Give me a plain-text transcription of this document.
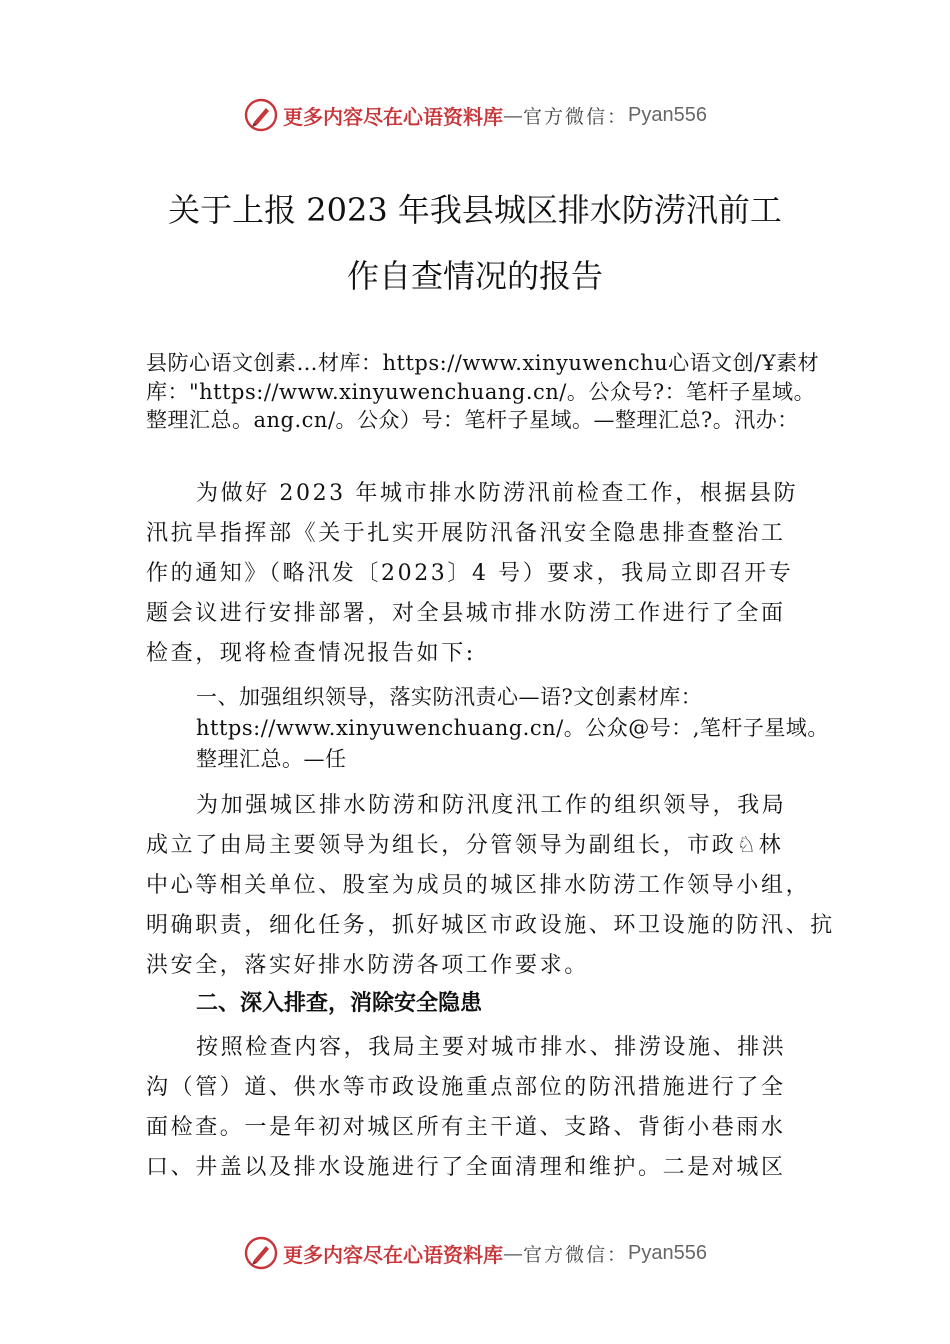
更多内容尽在心语资料库 — 官方微信： Pyan556
关于上报 2023 年我县城区排水防涝汛前工
作自查情况的报告
县防心语文创素…材库：https://www.xinyuwenchu心语文创/Ұ素材库："https://www.xinyuwenchuang.cn/。公众号?：笔杆子星域。整理汇总。ang.cn/。公众）号：笔杆子星域。—整理汇总?。汛办：
为做好 2023 年城市排水防涝汛前检查工作，根据县防
汛抗旱指挥部《关于扎实开展防汛备汛安全隐患排查整治工
作的通知》（略汛发〔2023〕4 号）要求，我局立即召开专
题会议进行安排部署，对全县城市排水防涝工作进行了全面
检查，现将检查情况报告如下:
一、加强组织领导，落实防汛责心—语?文创素材库：https://www.xinyuwenchuang.cn/。公众@号：,笔杆子星域。整理汇总。—任
为加强城区排水防涝和防汛度汛工作的组织领导，我局
成立了由局主要领导为组长，分管领导为副组长，市政♘林
中心等相关单位、股室为成员的城区排水防涝工作领导小组，
明确职责，细化任务，抓好城区市政设施、环卫设施的防汛、抗
洪安全，落实好排水防涝各项工作要求。
二、深入排查，消除安全隐患
按照检查内容，我局主要对城市排水、排涝设施、排洪
沟（管）道、供水等市政设施重点部位的防汛措施进行了全
面检查。一是年初对城区所有主干道、支路、背街小巷雨水
口、井盖以及排水设施进行了全面清理和维护。二是对城区
更多内容尽在心语资料库 — 官方微信： Pyan556
